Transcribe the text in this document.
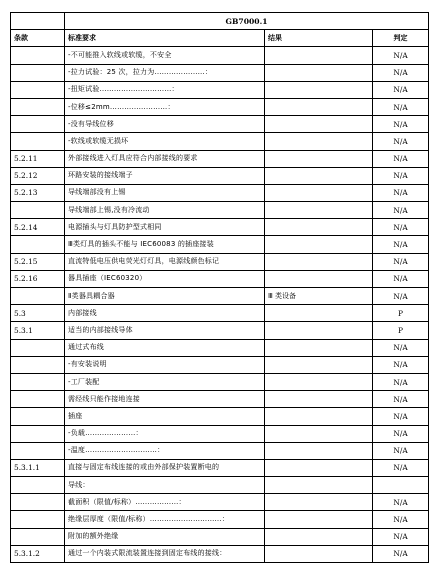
	GB7000.1		
条款	标准要求	结果	判定
	-不可能推入软线或软缆，不安全		N/A
	-拉力试验：25 次，拉力为…………………：		N/A
	-扭矩试验…………………………：		N/A
	-位移≤2mm……………………：		N/A
	-没有导线位移		N/A
	-软线或软缆无损坏		N/A
5.2.11	外部接线进入灯具应符合内部接线的要求		N/A
5.2.12	环路安装的接线端子		N/A
5.2.13	导线端部没有上锡		N/A
	导线端部上锡,没有冷流动		N/A
5.2.14	电源插头与灯具防护型式相同		N/A
	Ⅲ类灯具的插头不能与 IEC60083 的插座接装		N/A
5.2.15	直流特低电压供电荧光灯灯具，电源线颜色标记		N/A
5.2.16	器具插座（IEC60320）		N/A
	Ⅱ类器具耦合器	Ⅲ 类设备	N/A
5.3	内部接线		P
5.3.1	适当的内部接线导体		P
	通过式布线		N/A
	-有安装说明		N/A
	-工厂装配		N/A
	需经线只能作接地连接		N/A
	插座		N/A
	-负载…………………：		N/A
	-温度…………………………：		N/A
5.3.1.1	直接与固定布线连接的或由外部保护装置断电的		N/A
	导线：		
	截面积（限值/标称）………………：		N/A
	绝缘层厚度（限值/标称）…………………………：		N/A
	附加的额外绝缘		N/A
5.3.1.2	通过一个内装式限流装置连接到固定布线的接线：		N/A
